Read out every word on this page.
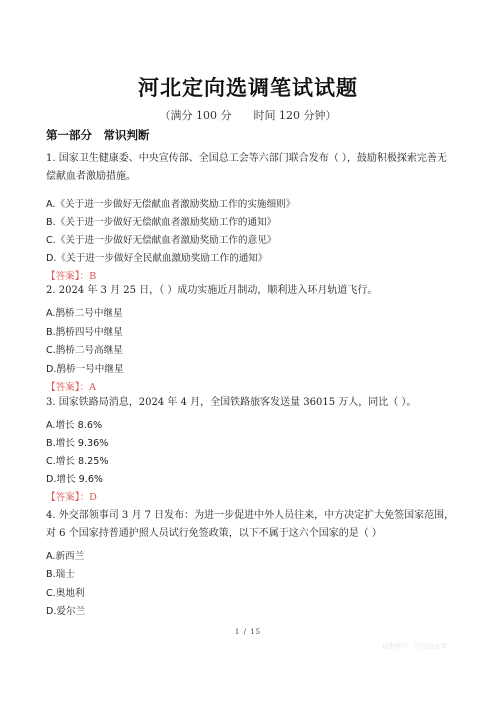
河北定向选调笔试试题
（满分 100 分 时间 120 分钟）
第一部分　常识判断
1. 国家卫生健康委、中央宣传部、全国总工会等六部门联合发布（ ），鼓励积极探索完善无偿献血者激励措施。
A.《关于进一步做好无偿献血者激励奖励工作的实施细则》
B.《关于进一步做好无偿献血者激励奖励工作的通知》
C.《关于进一步做好无偿献血者激励奖励工作的意见》
D.《关于进一步做好全民献血激励奖励工作的通知》
【答案】：B
2. 2024 年 3 月 25 日，（ ）成功实施近月制动，顺利进入环月轨道飞行。
A.鹊桥二号中继星
B.鹊桥四号中继星
C.鹊桥二号高继星
D.鹊桥一号中继星
【答案】：A
3. 国家铁路局消息，2024 年 4 月，全国铁路旅客发送量 36015 万人，同比（ ）。
A.增长 8.6%
B.增长 9.36%
C.增长 8.25%
D.增长 9.6%
【答案】：D
4. 外交部领事司 3 月 7 日发布：为进一步促进中外人员往来，中方决定扩大免签国家范围，对 6 个国家持普通护照人员试行免签政策，以下不属于这六个国家的是（ ）
A.新西兰
B.瑞士
C.奥地利
D.爱尔兰
1 / 15
仅供学习，可自由分享
